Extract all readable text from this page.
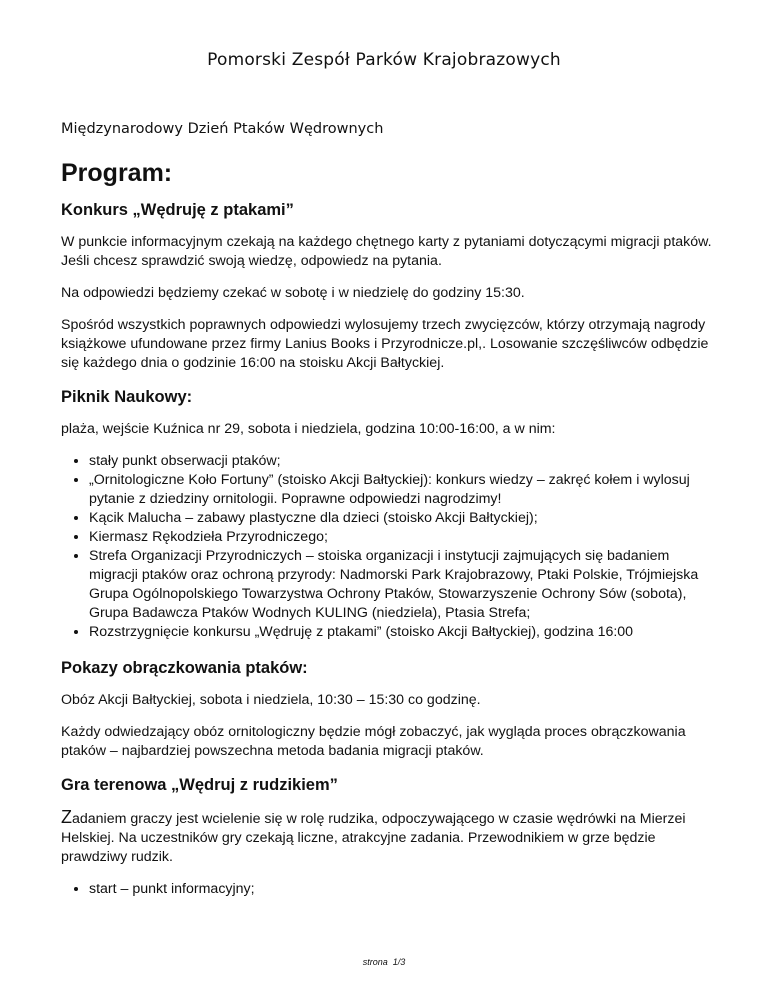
Pomorski Zespół Parków Krajobrazowych
Międzynarodowy Dzień Ptaków Wędrownych
Program:
Konkurs „Wędruję z ptakami”

W punkcie informacyjnym czekają na każdego chętnego karty z pytaniami dotyczącymi migracji ptaków. Jeśli chcesz sprawdzić swoją wiedzę, odpowiedz na pytania.

Na odpowiedzi będziemy czekać w sobotę i w niedzielę do godziny 15:30.

Spośród wszystkich poprawnych odpowiedzi wylosujemy trzech zwycięzców, którzy otrzymają nagrody książkowe ufundowane przez firmy Lanius Books i Przyrodnicze.pl,. Losowanie szczęśliwców odbędzie się każdego dnia o godzinie 16:00 na stoisku Akcji Bałtyckiej.

Piknik Naukowy:

plaża, wejście Kuźnica nr 29, sobota i niedziela, godzina 10:00-16:00, a w nim:

• stały punkt obserwacji ptaków;
• „Ornitologiczne Koło Fortuny” (stoisko Akcji Bałtyckiej): konkurs wiedzy – zakręć kołem i wylosuj pytanie z dziedziny ornitologii. Poprawne odpowiedzi nagrodzimy!
• Kącik Malucha – zabawy plastyczne dla dzieci (stoisko Akcji Bałtyckiej);
• Kiermasz Rękodzieła Przyrodniczego;
• Strefa Organizacji Przyrodniczych – stoiska organizacji i instytucji zajmujących się badaniem migracji ptaków oraz ochroną przyrody: Nadmorski Park Krajobrazowy, Ptaki Polskie, Trójmiejska Grupa Ogólnopolskiego Towarzystwa Ochrony Ptaków, Stowarzyszenie Ochrony Sów (sobota), Grupa Badawcza Ptaków Wodnych KULING (niedziela), Ptasia Strefa;
• Rozstrzygnięcie konkursu „Wędruję z ptakami” (stoisko Akcji Bałtyckiej), godzina 16:00
Pokazy obrączkowania ptaków:

Obóz Akcji Bałtyckiej, sobota i niedziela, 10:30 – 15:30 co godzinę.

Każdy odwiedzający obóz ornitologiczny będzie mógł zobaczyć, jak wygląda proces obrączkowania ptaków – najbardziej powszechna metoda badania migracji ptaków.

Gra terenowa „Wędruj z rudzikiem”

Zadaniem graczy jest wcielenie się w rolę rudzika, odpoczywającego w czasie wędrówki na Mierzei Helskiej. Na uczestników gry czekają liczne, atrakcyjne zadania. Przewodnikiem w grze będzie prawdziwy rudzik.

• start – punkt informacyjny;
strona  1/3
